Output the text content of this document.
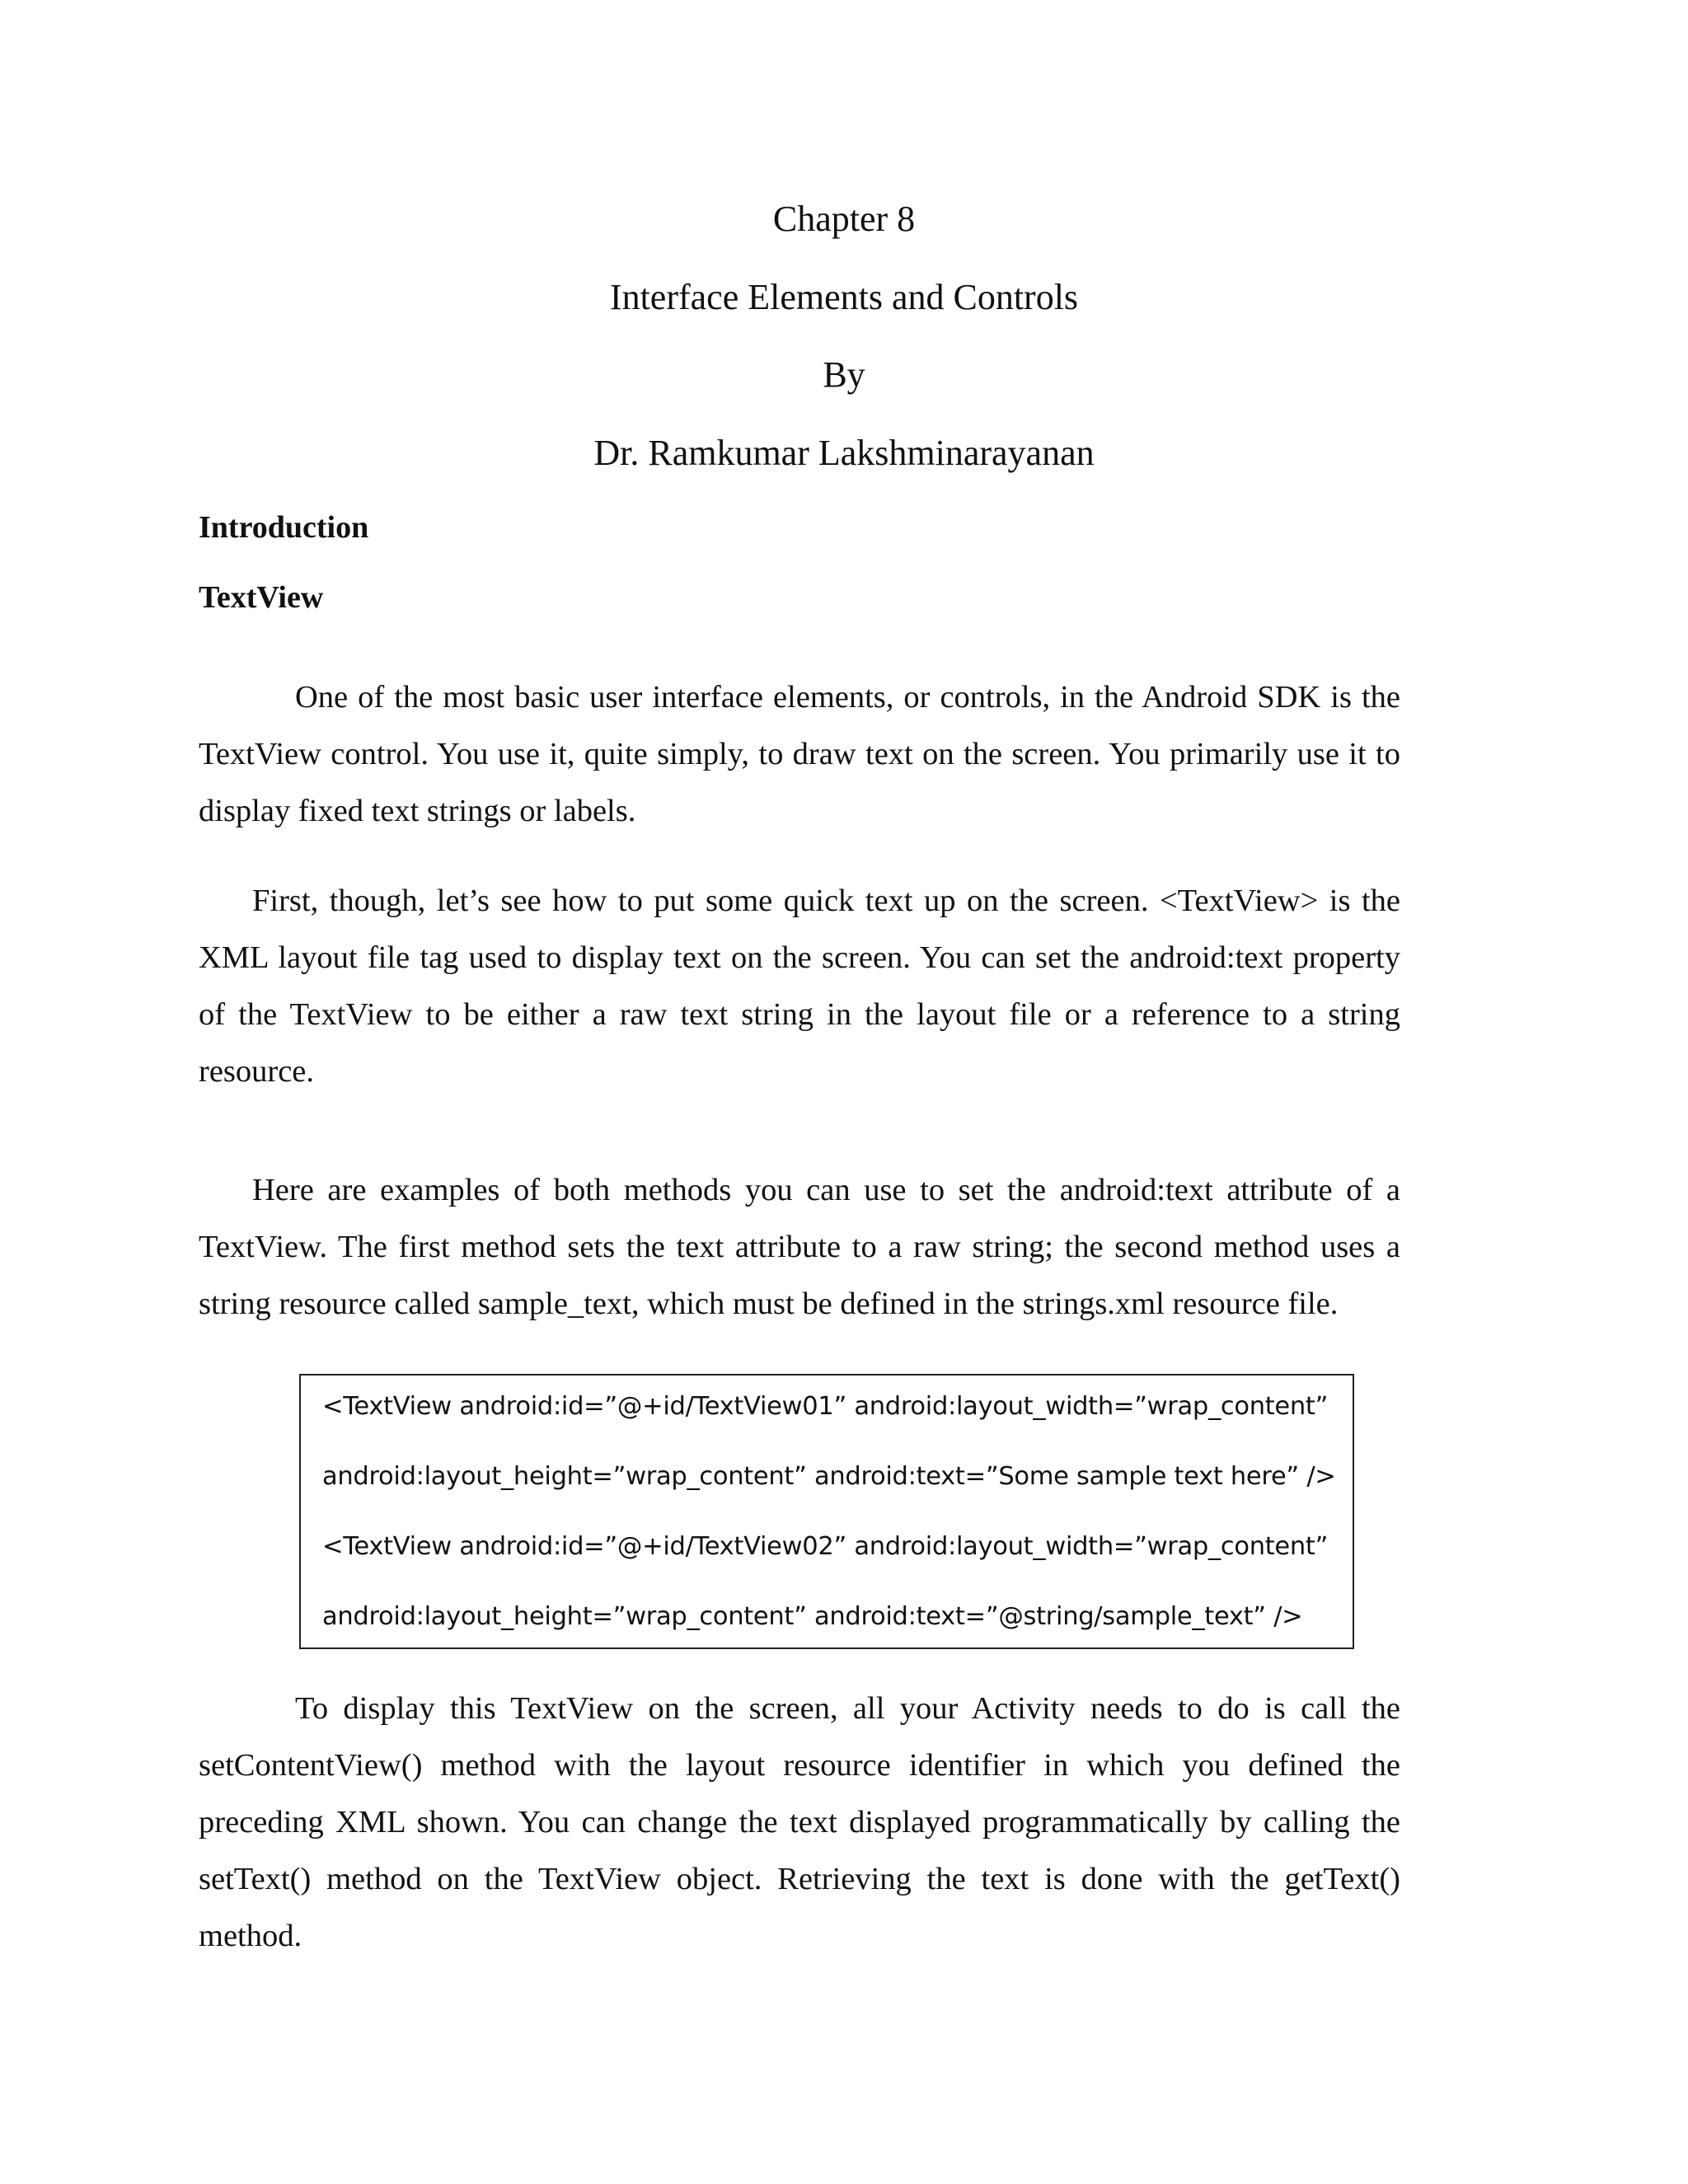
Chapter 8
Interface Elements and Controls
By
Dr. Ramkumar Lakshminarayanan
Introduction
TextView

One of the most basic user interface elements, or controls, in the Android SDK is the TextView control. You use it, quite simply, to draw text on the screen. You primarily use it to display fixed text strings or labels.

First, though, let’s see how to put some quick text up on the screen. <TextView> is the XML layout file tag used to display text on the screen. You can set the android:text property of the TextView to be either a raw text string in the layout file or a reference to a string resource.

Here are examples of both methods you can use to set the android:text attribute of a TextView. The first method sets the text attribute to a raw string; the second method uses a string resource called sample_text, which must be defined in the strings.xml resource file.

<TextView android:id=”@+id/TextView01” android:layout_width=”wrap_content”
android:layout_height=”wrap_content” android:text=”Some sample text here” />
<TextView android:id=”@+id/TextView02” android:layout_width=”wrap_content”
android:layout_height=”wrap_content” android:text=”@string/sample_text” />

To display this TextView on the screen, all your Activity needs to do is call the setContentView() method with the layout resource identifier in which you defined the preceding XML shown. You can change the text displayed programmatically by calling the setText() method on the TextView object. Retrieving the text is done with the getText() method.
